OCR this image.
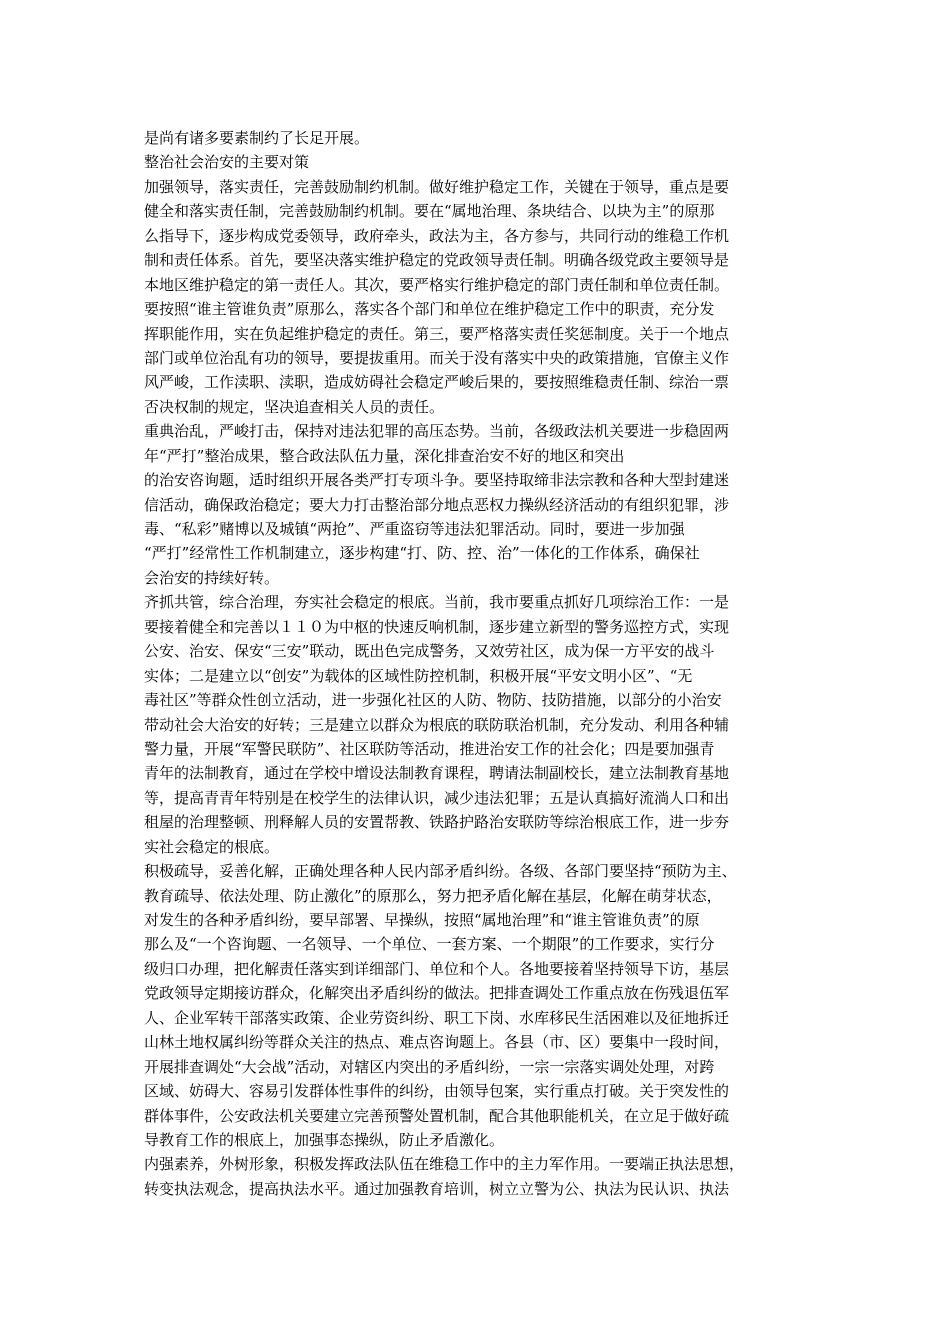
是尚有诸多要素制约了长足开展。
整治社会治安的主要对策
加强领导，落实责任，完善鼓励制约机制。做好维护稳定工作，关键在于领导，重点是要
健全和落实责任制，完善鼓励制约机制。要在“属地治理、条块结合、以块为主”的原那
么指导下，逐步构成党委领导，政府牵头，政法为主，各方参与，共同行动的维稳工作机
制和责任体系。首先，要坚决落实维护稳定的党政领导责任制。明确各级党政主要领导是
本地区维护稳定的第一责任人。其次，要严格实行维护稳定的部门责任制和单位责任制。
要按照“谁主管谁负责”原那么，落实各个部门和单位在维护稳定工作中的职责，充分发
挥职能作用，实在负起维护稳定的责任。第三，要严格落实责任奖惩制度。关于一个地点
部门或单位治乱有功的领导，要提拔重用。而关于没有落实中央的政策措施，官僚主义作
风严峻，工作渎职、渎职，造成妨碍社会稳定严峻后果的，要按照维稳责任制、综治一票
否决权制的规定，坚决追查相关人员的责任。
重典治乱，严峻打击，保持对违法犯罪的高压态势。当前，各级政法机关要进一步稳固两
年“严打”整治成果，整合政法队伍力量，深化排查治安不好的地区和突出
的治安咨询题，适时组织开展各类严打专项斗争。要坚持取缔非法宗教和各种大型封建迷
信活动，确保政治稳定；要大力打击整治部分地点恶权力操纵经济活动的有组织犯罪，涉
毒、“私彩”赌博以及城镇“两抢”、严重盗窃等违法犯罪活动。同时，要进一步加强
“严打”经常性工作机制建立，逐步构建“打、防、控、治”一体化的工作体系，确保社
会治安的持续好转。
齐抓共管，综合治理，夯实社会稳定的根底。当前，我市要重点抓好几项综治工作：一是
要接着健全和完善以１１０为中枢的快速反响机制，逐步建立新型的警务巡控方式，实现
公安、治安、保安“三安”联动，既出色完成警务，又效劳社区，成为保一方平安的战斗
实体；二是建立以“创安”为载体的区域性防控机制，积极开展“平安文明小区”、“无
毒社区”等群众性创立活动，进一步强化社区的人防、物防、技防措施，以部分的小治安
带动社会大治安的好转；三是建立以群众为根底的联防联治机制，充分发动、利用各种辅
警力量，开展“军警民联防”、社区联防等活动，推进治安工作的社会化；四是要加强青
青年的法制教育，通过在学校中增设法制教育课程，聘请法制副校长，建立法制教育基地
等，提高青青年特别是在校学生的法律认识，减少违法犯罪；五是认真搞好流淌人口和出
租屋的治理整顿、刑释解人员的安置帮教、铁路护路治安联防等综治根底工作，进一步夯
实社会稳定的根底。
积极疏导，妥善化解，正确处理各种人民内部矛盾纠纷。各级、各部门要坚持“预防为主、
教育疏导、依法处理、防止激化”的原那么，努力把矛盾化解在基层，化解在萌芽状态，
对发生的各种矛盾纠纷，要早部署、早操纵，按照“属地治理”和“谁主管谁负责”的原
那么及“一个咨询题、一名领导、一个单位、一套方案、一个期限”的工作要求，实行分
级归口办理，把化解责任落实到详细部门、单位和个人。各地要接着坚持领导下访，基层
党政领导定期接访群众，化解突出矛盾纠纷的做法。把排查调处工作重点放在伤残退伍军
人、企业军转干部落实政策、企业劳资纠纷、职工下岗、水库移民生活困难以及征地拆迁
山林土地权属纠纷等群众关注的热点、难点咨询题上。各县（市、区）要集中一段时间，
开展排查调处“大会战”活动，对辖区内突出的矛盾纠纷，一宗一宗落实调处处理，对跨
区域、妨碍大、容易引发群体性事件的纠纷，由领导包案，实行重点打破。关于突发性的
群体事件，公安政法机关要建立完善预警处置机制，配合其他职能机关，在立足于做好疏
导教育工作的根底上，加强事态操纵，防止矛盾激化。
内强素养，外树形象，积极发挥政法队伍在维稳工作中的主力军作用。一要端正执法思想，
转变执法观念，提高执法水平。通过加强教育培训，树立立警为公、执法为民认识、执法
